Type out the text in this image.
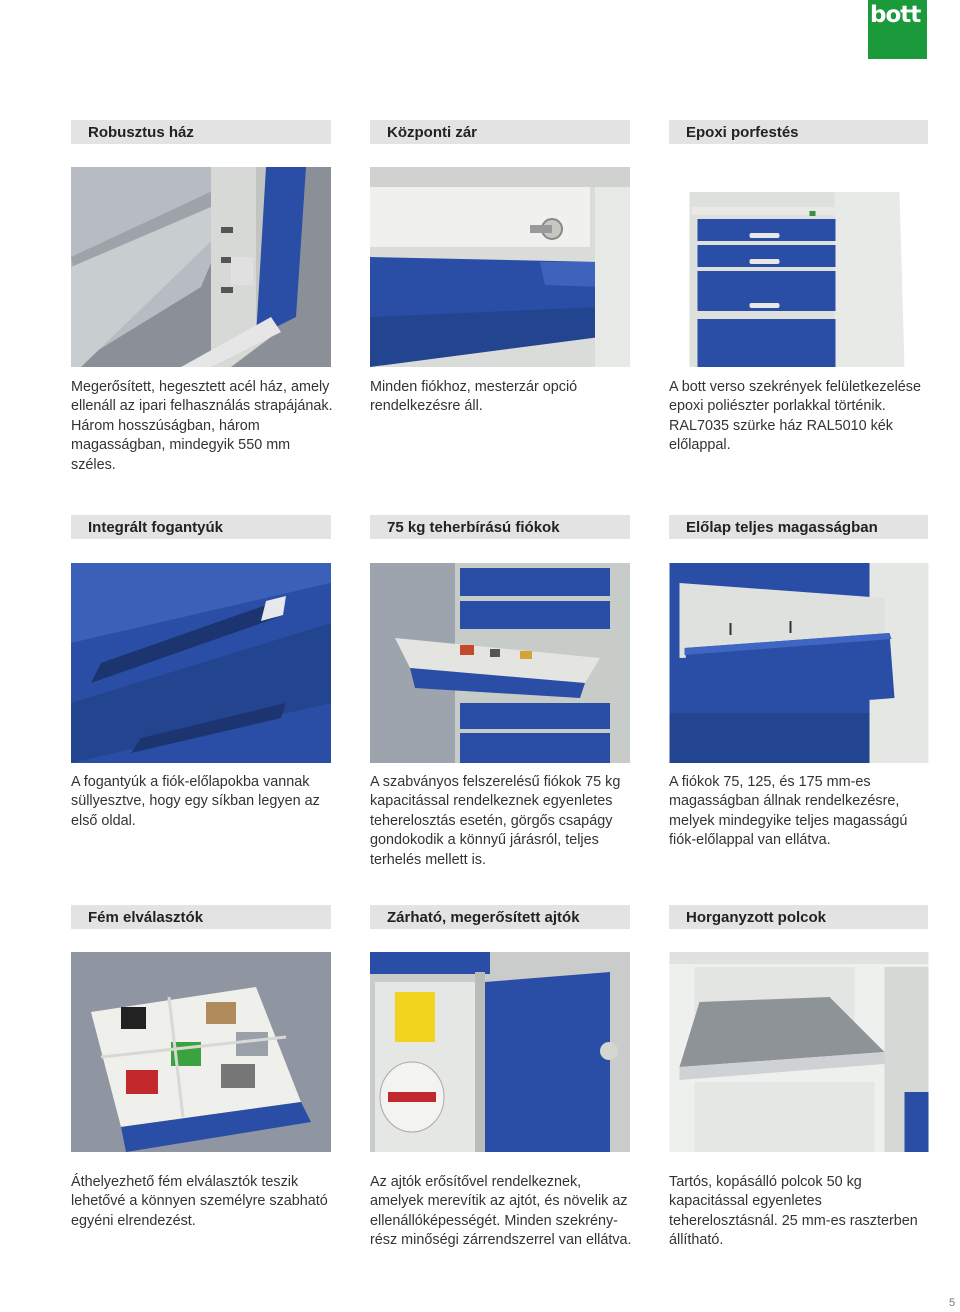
bott
Robusztus ház	Központi zár	Epoxi porfestés

Megerősített, hegesztett acél ház, amely ellenáll az ipari felhasználás strapájának. Három hosszúságban, három magasságban, mindegyik 550 mm széles.

Minden fiókhoz, mesterzár opció rendelkezésre áll.

A bott verso szekrények felületkezelése epoxi poliészter porlakkal történik. RAL7035 szürke ház RAL5010 kék előlappal.

Integrált fogantyúk	75 kg teherbírású fiókok	Előlap teljes magasságban

A fogantyúk a fiók-előlapokba vannak süllyesztve, hogy egy síkban legyen az első oldal.

A szabványos felszerelésű fiókok 75 kg kapacitással rendelkeznek egyenletes teherelosztás esetén, görgős csapágy gondokodik a könnyű járásról, teljes terhelés mellett is.

A fiókok 75, 125, és 175 mm-es magasságban állnak rendelkezésre, melyek mindegyike teljes magasságú fiók-előlappal van ellátva.

Fém elválasztók	Zárható, megerősített ajtók	Horganyzott polcok

Áthelyezhető fém elválasztók teszik lehetővé a könnyen személyre szabható egyéni elrendezést.

Az ajtók erősítővel rendelkeznek, amelyek merevítik az ajtót, és növelik az ellenállóképességét. Minden szekrény-rész minőségi zárrendszerrel van ellátva.

Tartós, kopásálló polcok 50 kg kapacitással egyenletes teherelosztásnál. 25 mm-es raszterben állítható.

5
